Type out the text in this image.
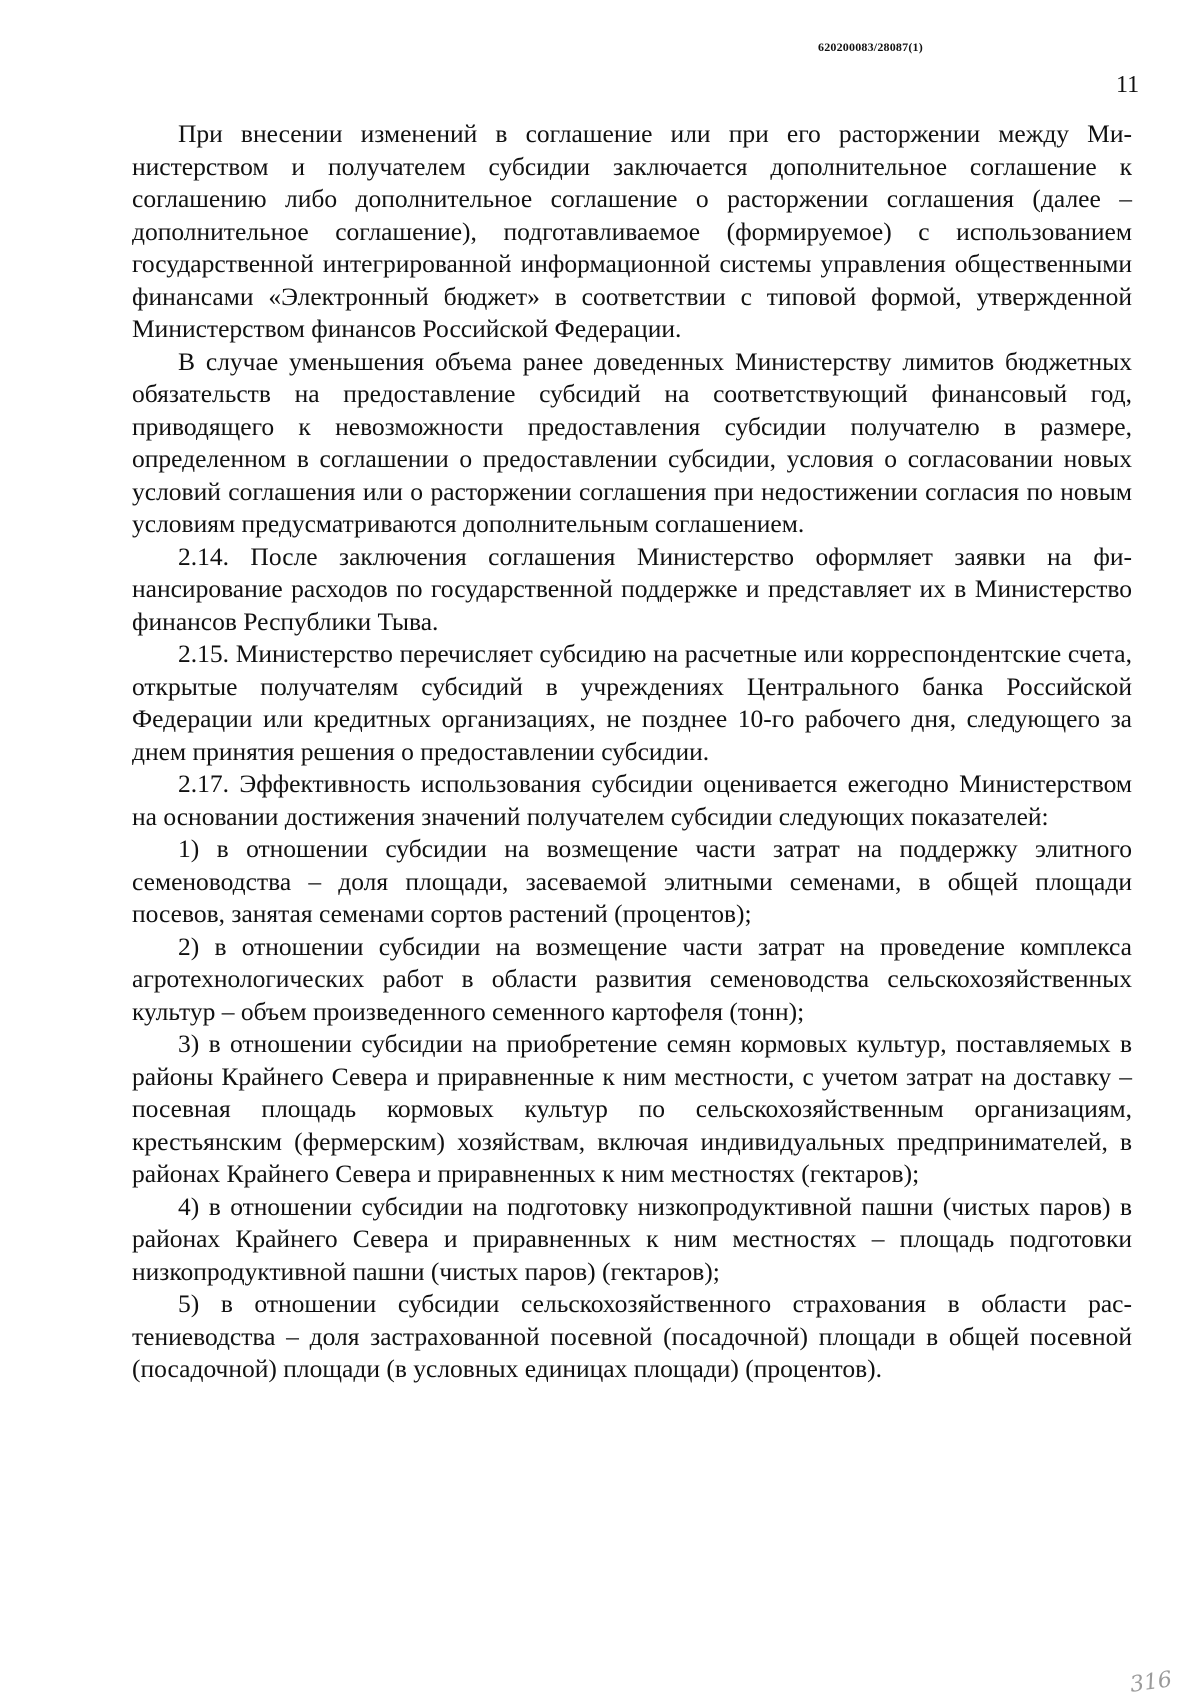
620200083/28087(1)
11

При внесении изменений в соглашение или при его расторжении между Министерством и получателем субсидии заключается дополнительное соглашение к соглашению либо дополнительное соглашение о расторжении соглашения (далее – дополнительное соглашение), подготавливаемое (формируемое) с использованием государственной интегрированной информационной системы управления общественными финансами «Электронный бюджет» в соответствии с типовой формой, утвержденной Министерством финансов Российской Федерации.

В случае уменьшения объема ранее доведенных Министерству лимитов бюджетных обязательств на предоставление субсидий на соответствующий финансовый год, приводящего к невозможности предоставления субсидии получателю в размере, определенном в соглашении о предоставлении субсидии, условия о согласовании новых условий соглашения или о расторжении соглашения при недостижении согласия по новым условиям предусматриваются дополнительным соглашением.

2.14. После заключения соглашения Министерство оформляет заявки на финансирование расходов по государственной поддержке и представляет их в Министерство финансов Республики Тыва.

2.15. Министерство перечисляет субсидию на расчетные или корреспондентские счета, открытые получателям субсидий в учреждениях Центрального банка Российской Федерации или кредитных организациях, не позднее 10-го рабочего дня, следующего за днем принятия решения о предоставлении субсидии.

2.17. Эффективность использования субсидии оценивается ежегодно Министерством на основании достижения значений получателем субсидии следующих показателей:

1) в отношении субсидии на возмещение части затрат на поддержку элитного семеноводства – доля площади, засеваемой элитными семенами, в общей площади посевов, занятая семенами сортов растений (процентов);

2) в отношении субсидии на возмещение части затрат на проведение комплекса агротехнологических работ в области развития семеноводства сельскохозяйственных культур – объем произведенного семенного картофеля (тонн);

3) в отношении субсидии на приобретение семян кормовых культур, поставляемых в районы Крайнего Севера и приравненные к ним местности, с учетом затрат на доставку – посевная площадь кормовых культур по сельскохозяйственным организациям, крестьянским (фермерским) хозяйствам, включая индивидуальных предпринимателей, в районах Крайнего Севера и приравненных к ним местностях (гектаров);

4) в отношении субсидии на подготовку низкопродуктивной пашни (чистых паров) в районах Крайнего Севера и приравненных к ним местностях – площадь подготовки низкопродуктивной пашни (чистых паров) (гектаров);

5) в отношении субсидии сельскохозяйственного страхования в области растениеводства – доля застрахованной посевной (посадочной) площади в общей посевной (посадочной) площади (в условных единицах площади) (процентов).

316
